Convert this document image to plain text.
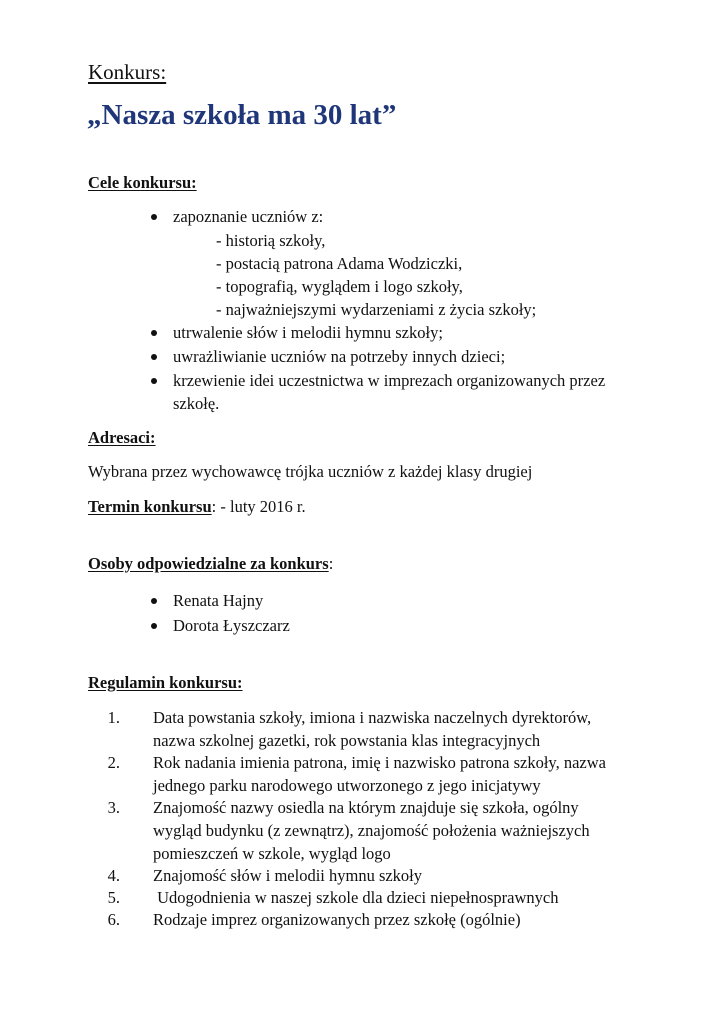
Konkurs:
„Nasza szkoła ma 30 lat”
Cele konkursu:
zapoznanie uczniów z:
- historią szkoły,
- postacią patrona Adama Wodziczki,
- topografią, wyglądem i logo szkoły,
- najważniejszymi wydarzeniami z życia szkoły;
utrwalenie słów i melodii hymnu szkoły;
uwrażliwianie uczniów na potrzeby innych dzieci;
krzewienie idei uczestnictwa w imprezach organizowanych przez
szkołę.
Adresaci:
Wybrana przez wychowawcę trójka uczniów z każdej klasy drugiej
Termin konkursu: - luty 2016 r.
Osoby odpowiedzialne za konkurs:
Renata Hajny
Dorota Łyszczarz
Regulamin konkursu:
1. Data powstania szkoły, imiona i nazwiska naczelnych dyrektorów,
nazwa szkolnej gazetki, rok powstania klas integracyjnych
2. Rok nadania imienia patrona, imię i nazwisko patrona szkoły, nazwa
jednego parku narodowego utworzonego z jego inicjatywy
3. Znajomość nazwy osiedla na którym znajduje się szkoła, ogólny
wygląd budynku (z zewnątrz), znajomość położenia ważniejszych
pomieszczeń w szkole, wygląd logo
4. Znajomość słów i melodii hymnu szkoły
5. Udogodnienia w naszej szkole dla dzieci niepełnosprawnych
6. Rodzaje imprez organizowanych przez szkołę (ogólnie)
